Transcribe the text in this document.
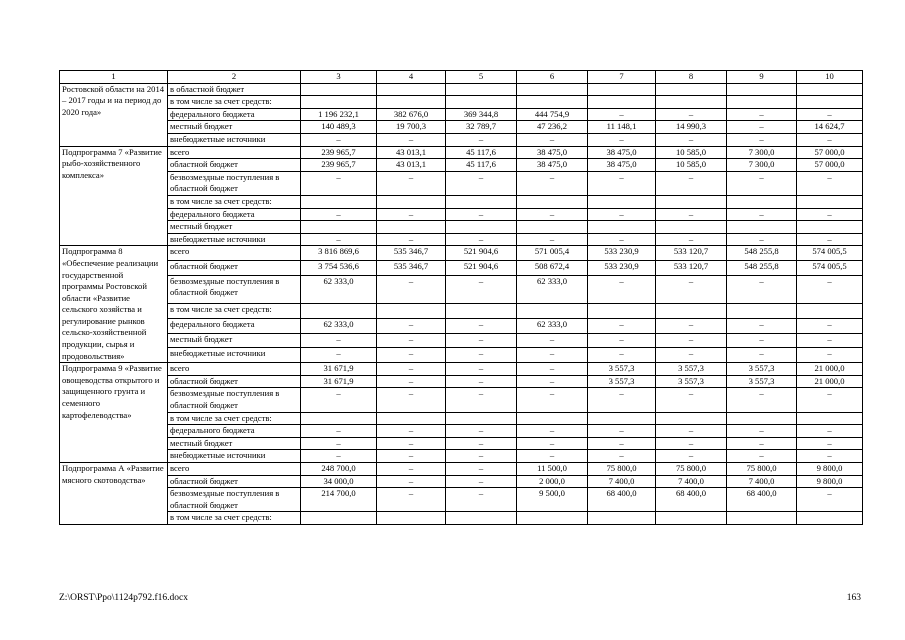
1	2	3	4	5	6	7	8	9	10
Ростовской области на 2014 – 2017 годы и на период до 2020 года»	в областной бюджет								
	в том числе за счет средств:								
	федерального бюджета	1 196 232,1	382 676,0	369 344,8	444 754,9	–	–	–	–
	местный бюджет	140 489,3	19 700,3	32 789,7	47 236,2	11 148,1	14 990,3	–	14 624,7
	внебюджетные источники	–	–	–	–	–	–	–	–
Подпрограмма 7 «Развитие рыбо-хозяйственного комплекса»	всего	239 965,7	43 013,1	45 117,6	38 475,0	38 475,0	10 585,0	7 300,0	57 000,0
	областной бюджет	239 965,7	43 013,1	45 117,6	38 475,0	38 475,0	10 585,0	7 300,0	57 000,0
	безвозмездные поступления в областной бюджет	–	–	–	–	–	–	–	–
	в том числе за счет средств:								
	федерального бюджета	–	–	–	–	–	–	–	–
	местный бюджет								
	внебюджетные источники	–	–	–	–	–	–	–	–
Подпрограмма 8 «Обеспечение реализации государственной программы Ростовской области «Развитие сельского хозяйства и регулирование рынков сельско-хозяйственной продукции, сырья и продовольствия»	всего	3 816 869,6	535 346,7	521 904,6	571 005,4	533 230,9	533 120,7	548 255,8	574 005,5
	областной бюджет	3 754 536,6	535 346,7	521 904,6	508 672,4	533 230,9	533 120,7	548 255,8	574 005,5
	безвозмездные поступления в областной бюджет	62 333,0	–	–	62 333,0	–	–	–	–
	в том числе за счет средств:								
	федерального бюджета	62 333,0	–	–	62 333,0	–	–	–	–
	местный бюджет	–	–	–	–	–	–	–	–
	внебюджетные источники	–	–	–	–	–	–	–	–
Подпрограмма 9 «Развитие овощеводства открытого и защищенного грунта и семенного картофелеводства»	всего	31 671,9	–	–	–	3 557,3	3 557,3	3 557,3	21 000,0
	областной бюджет	31 671,9	–	–	–	3 557,3	3 557,3	3 557,3	21 000,0
	безвозмездные поступления в областной бюджет	–	–	–	–	–	–	–	–
	в том числе за счет средств:								
	федерального бюджета	–	–	–	–	–	–	–	–
	местный бюджет	–	–	–	–	–	–	–	–
	внебюджетные источники	–	–	–	–	–	–	–	–
Подпрограмма А «Развитие мясного скотоводства»	всего	248 700,0	–	–	11 500,0	75 800,0	75 800,0	75 800,0	9 800,0
	областной бюджет	34 000,0	–	–	2 000,0	7 400,0	7 400,0	7 400,0	9 800,0
	безвозмездные поступления в областной бюджет	214 700,0	–	–	9 500,0	68 400,0	68 400,0	68 400,0	–
	в том числе за счет средств:								
Z:\ORST\Ppo\1124p792.f16.docx	163
